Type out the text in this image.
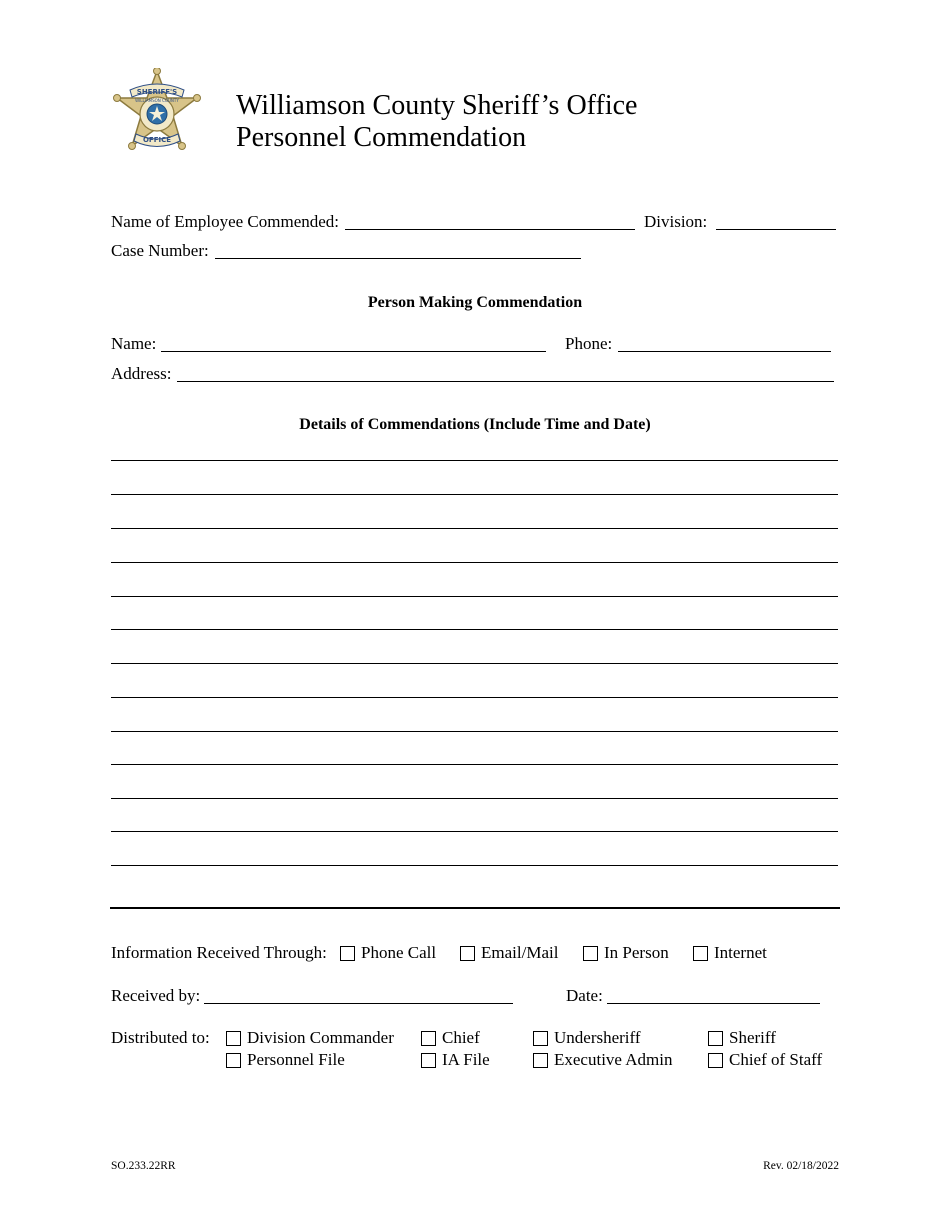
SHERIFF'S
OFFICE
WILLIAMSON COUNTY Williamson County Sheriff’s Office
Personnel Commendation
Name of Employee Commended:	Division:
Case Number:
Person Making Commendation
Name:	Phone:
Address:
Details of Commendations (Include Time and Date)
Information Received Through: Phone Call	Email/Mail	In Person	Internet
Received by:	Date:
Distributed to: Division Commander	Chief	Undersheriff	Sheriff
Personnel File	IA File	Executive Admin	Chief of Staff
SO.233.22RR	Rev. 02/18/2022
